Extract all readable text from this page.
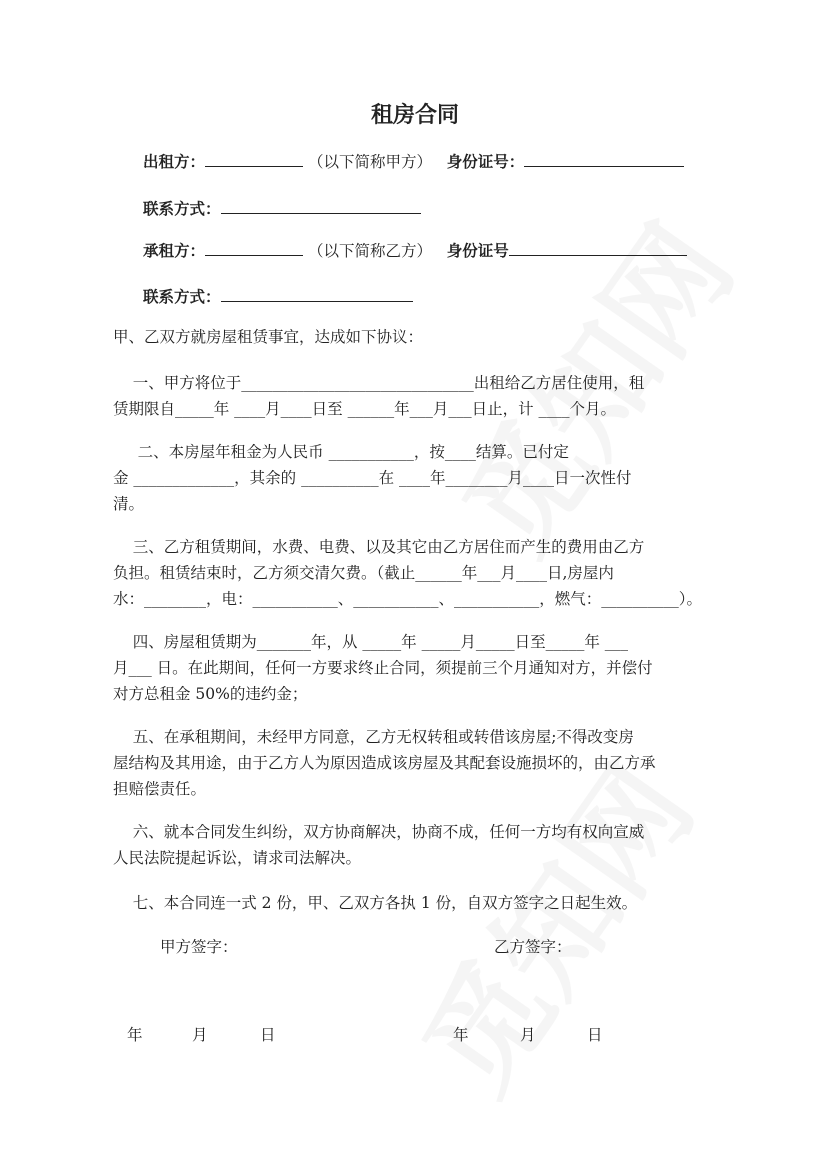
租房合同
出租方：	（以下简称甲方） 身份证号：
联系方式：
承租方：	（以下简称乙方） 身份证号
联系方式：
甲、乙双方就房屋租赁事宜，达成如下协议：
一、甲方将位于______________________________出租给乙方居住使用，租
赁期限自_____年 ____月____日至 ______年___月___日止，计 ____个月。
二、本房屋年租金为人民币 ___________，按____结算。已付定
金 _____________，其余的 __________在 ____年________月____日一次性付
清。
三、乙方租赁期间，水费、电费、以及其它由乙方居住而产生的费用由乙方
负担。租赁结束时，乙方须交清欠费。（截止______年___月____日,房屋内
水：________，电：___________、___________、___________，燃气：__________）。
四、房屋租赁期为_______年，从 _____年 _____月_____日至_____年 ___
月___ 日。在此期间，任何一方要求终止合同，须提前三个月通知对方，并偿付
对方总租金 50%的违约金；
五、在承租期间，未经甲方同意，乙方无权转租或转借该房屋;不得改变房
屋结构及其用途，由于乙方人为原因造成该房屋及其配套设施损坏的，由乙方承
担赔偿责任。
六、就本合同发生纠纷，双方协商解决，协商不成，任何一方均有权向宣威
人民法院提起诉讼，请求司法解决。
七、本合同连一式 2 份，甲、乙双方各执 1 份，自双方签字之日起生效。
甲方签字：	乙方签字：
年	月	日	年	月	日
